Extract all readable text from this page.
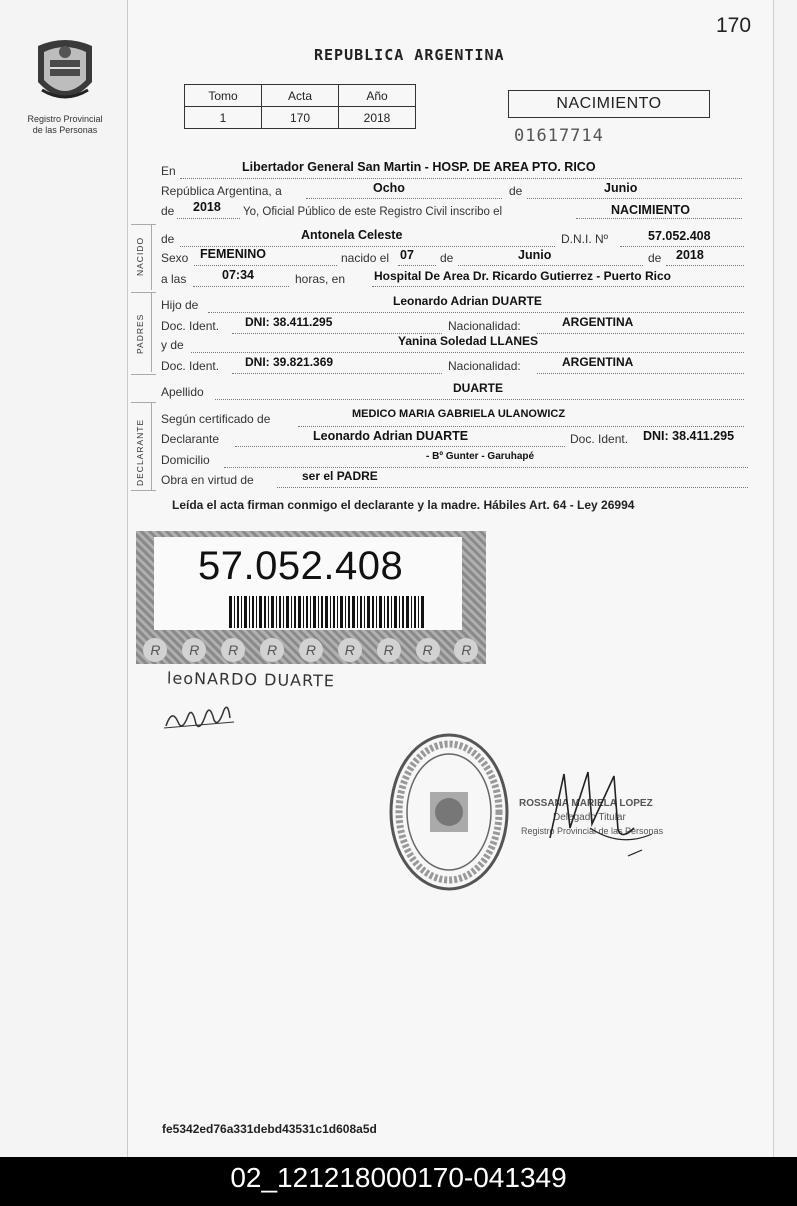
170
Registro Provincial
de las Personas
REPUBLICA ARGENTINA
Tomo	Acta	Año
1	170	2018
NACIMIENTO
01617714
En	Libertador General San Martin - HOSP. DE AREA PTO. RICO
República Argentina, a	Ocho	de	Junio
de 2018 Yo, Oficial Público de este Registro Civil inscribo el	NACIMIENTO
NACIDO de	Antonela Celeste	D.N.I. Nº	57.052.408
Sexo FEMENINO	nacido el 07 de	Junio	de 2018
a las	07:34	horas, en Hospital De Area Dr. Ricardo Gutierrez - Puerto Rico
PADRES
Hijo de	Leonardo Adrian DUARTE
Doc. Ident. DNI: 38.411.295	Nacionalidad:	ARGENTINA
y de	Yanina Soledad LLANES
Doc. Ident. DNI: 39.821.369	Nacionalidad:	ARGENTINA
Apellido	DUARTE
DECLARANTE Según certificado de	MEDICO MARIA GABRIELA ULANOWICZ
Declarante	Leonardo Adrian DUARTE	Doc. Ident. DNI: 38.411.295
Domicilio	- Bº Gunter - Garuhapé
Obra en virtud de	ser el PADRE
Leída el acta firman conmigo el declarante y la madre. Hábiles Art. 64 - Ley 26994
57.052.408
R	R	R	R	R	R	R	R	R
leoNARDO DUARTE
ROSSANA MARIELA LOPEZ
Delegado Titular
Registro Provincial de las Personas
fe5342ed76a331debd43531c1d608a5d
02_121218000170-041349
